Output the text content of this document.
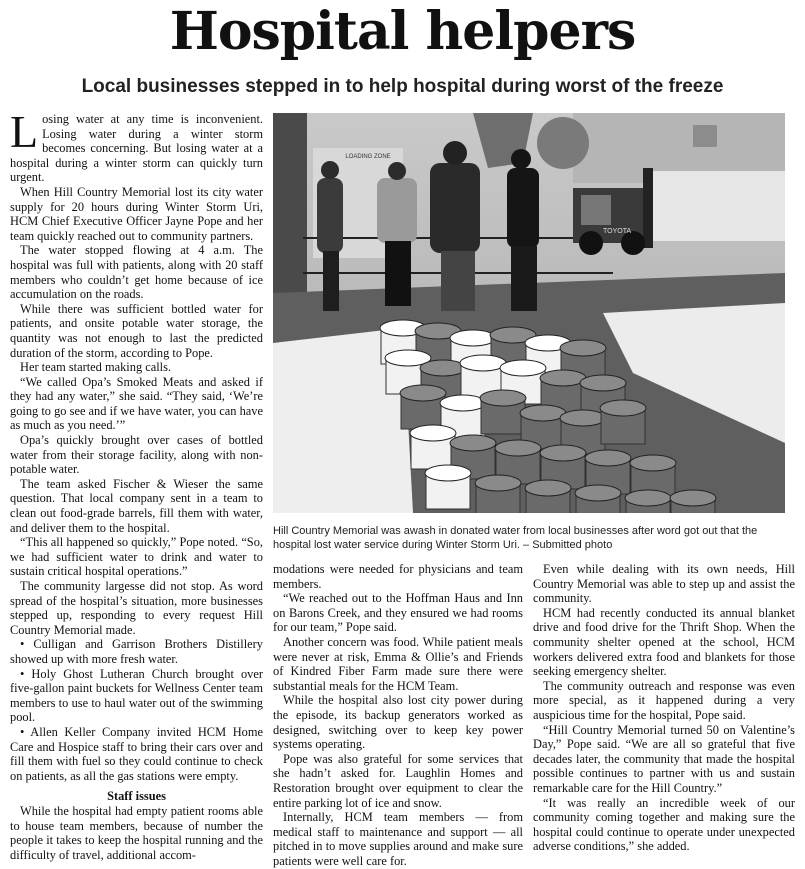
Hospital helpers
Local businesses stepped in to help hospital during worst of the freeze

Losing water at any time is inconvenient. Losing water during a winter storm becomes concerning. But losing water at a hospital during a winter storm can quickly turn urgent.

When Hill Country Memorial lost its city water supply for 20 hours during Winter Storm Uri, HCM Chief Executive Officer Jayne Pope and her team quickly reached out to community partners.

The water stopped flowing at 4 a.m. The hospital was full with patients, along with 20 staff members who couldn’t get home because of ice accumulation on the roads.

While there was sufficient bottled water for patients, and onsite potable water storage, the quantity was not enough to last the predicted duration of the storm, according to Pope.

Her team started making calls.

“We called Opa’s Smoked Meats and asked if they had any water,” she said. “They said, ‘We’re going to go see and if we have water, you can have as much as you need.’”

Opa’s quickly brought over cases of bottled water from their storage facility, along with non-potable water.

The team asked Fischer & Wieser the same question. That local company sent in a team to clean out food-grade barrels, fill them with water, and deliver them to the hospital.

“This all happened so quickly,” Pope noted. “So, we had sufficient water to drink and water to sustain critical hospital operations.”

The community largesse did not stop. As word spread of the hospital’s situation, more businesses stepped up, responding to every request Hill Country Memorial made.

• Culligan and Garrison Brothers Distillery showed up with more fresh water.

• Holy Ghost Lutheran Church brought over five-gallon paint buckets for Wellness Center team members to use to haul water out of the swimming pool.

• Allen Keller Company invited HCM Home Care and Hospice staff to bring their cars over and fill them with fuel so they could continue to check on patients, as all the gas stations were empty.

Staff issues

While the hospital had empty patient rooms able to house team members, because of number the people it takes to keep the hospital running and the difficulty of travel, additional accom-

LOADING ZONE
TOYOTA
Hill Country Memorial was awash in donated water from local businesses after word got out that the hospital lost water service during Winter Storm Uri. – Submitted photo

modations were needed for physicians and team members.

“We reached out to the Hoffman Haus and Inn on Barons Creek, and they ensured we had rooms for our team,” Pope said.

Another concern was food. While patient meals were never at risk, Emma & Ollie’s and Friends of Kindred Fiber Farm made sure there were substantial meals for the HCM Team.

While the hospital also lost city power during the episode, its backup generators worked as designed, switching over to keep key power systems operating.

Pope was also grateful for some services that she hadn’t asked for. Laughlin Homes and Restoration brought over equipment to clear the entire parking lot of ice and snow.

Internally, HCM team members — from medical staff to maintenance and support — all pitched in to move supplies around and make sure patients were well care for.

Even while dealing with its own needs, Hill Country Memorial was able to step up and assist the community.

HCM had recently conducted its annual blanket drive and food drive for the Thrift Shop. When the community shelter opened at the school, HCM workers delivered extra food and blankets for those seeking emergency shelter.

The community outreach and response was even more special, as it happened during a very auspicious time for the hospital, Pope said.

“Hill Country Memorial turned 50 on Valentine’s Day,” Pope said. “We are all so grateful that five decades later, the community that made the hospital possible continues to partner with us and sustain remarkable care for the Hill Country.”

“It was really an incredible week of our community coming together and making sure the hospital could continue to operate under unexpected adverse conditions,” she added.
